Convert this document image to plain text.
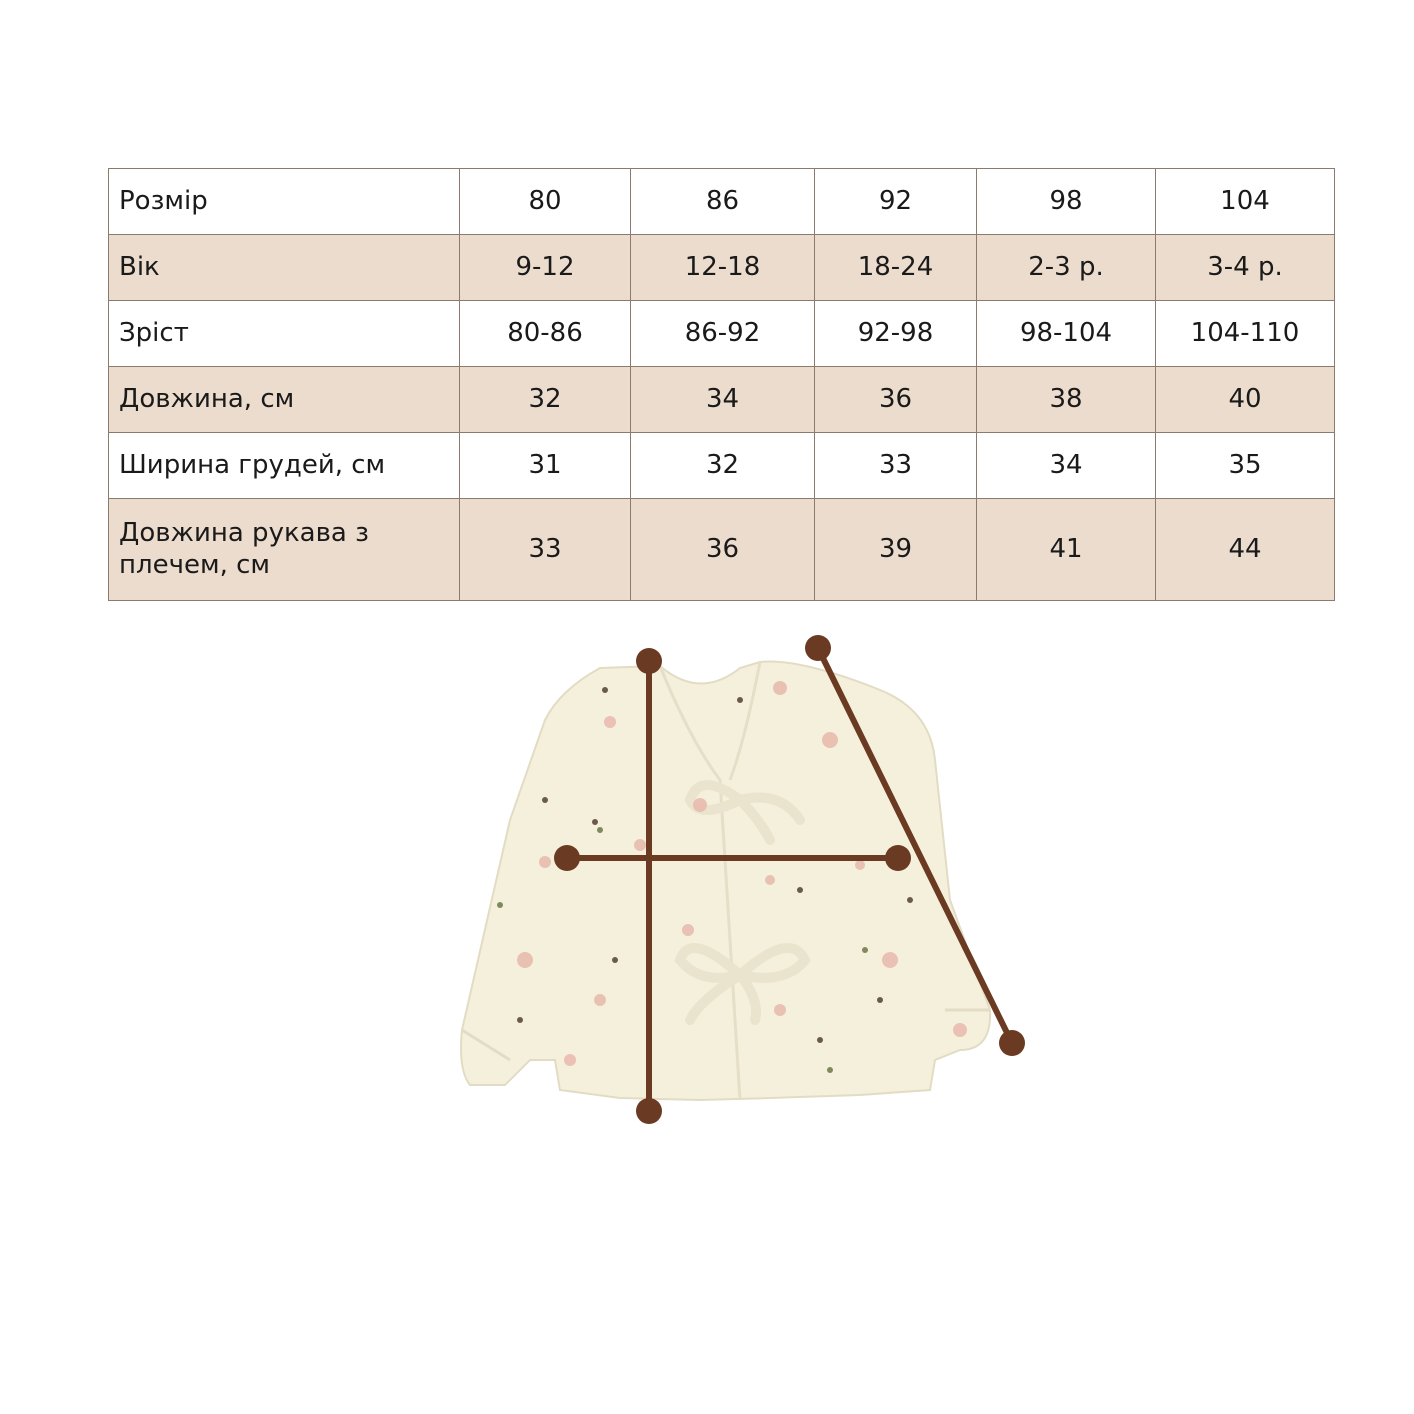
Розмір	80	86	92	98	104
Вік	9-12	12-18	18-24	2-3 р.	3-4 р.
Зріст	80-86	86-92	92-98	98-104	104-110
Довжина, см	32	34	36	38	40
Ширина грудей, см	31	32	33	34	35
Довжина рукава з плечем, см	33	36	39	41	44
